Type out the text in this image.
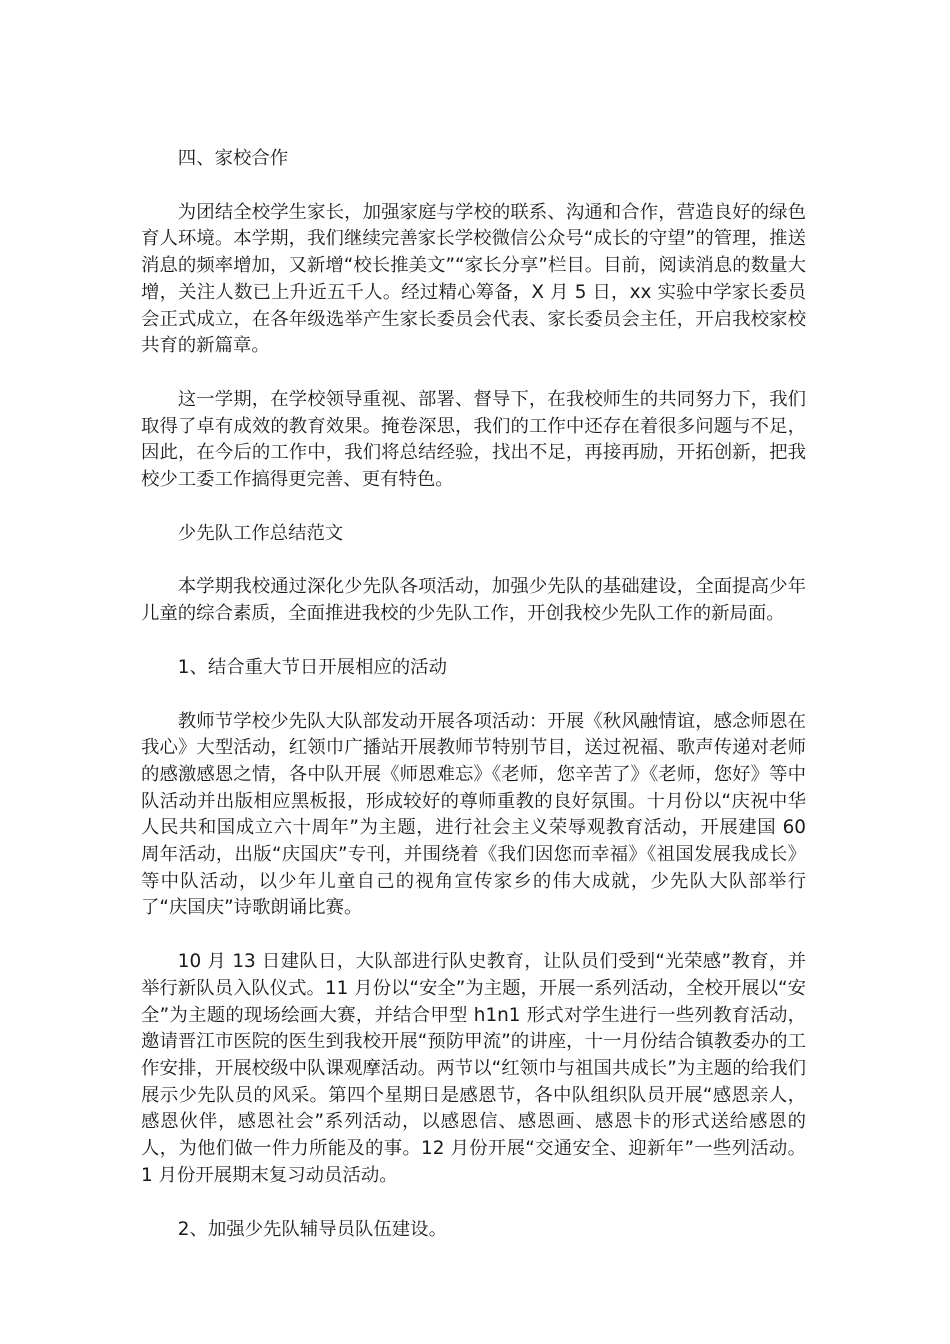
四、家校合作

为团结全校学生家长，加强家庭与学校的联系、沟通和合作，营造良好的绿色育人环境。本学期，我们继续完善家长学校微信公众号“成长的守望”的管理，推送消息的频率增加，又新增“校长推美文”“家长分享”栏目。目前，阅读消息的数量大增，关注人数已上升近五千人。经过精心筹备，X 月 5 日，xx 实验中学家长委员会正式成立，在各年级选举产生家长委员会代表、家长委员会主任，开启我校家校共育的新篇章。

这一学期，在学校领导重视、部署、督导下，在我校师生的共同努力下，我们取得了卓有成效的教育效果。掩卷深思，我们的工作中还存在着很多问题与不足，因此，在今后的工作中，我们将总结经验，找出不足，再接再励，开拓创新，把我校少工委工作搞得更完善、更有特色。

少先队工作总结范文

本学期我校通过深化少先队各项活动，加强少先队的基础建设，全面提高少年儿童的综合素质，全面推进我校的少先队工作，开创我校少先队工作的新局面。

1、结合重大节日开展相应的活动

教师节学校少先队大队部发动开展各项活动：开展《秋风融情谊，感念师恩在我心》大型活动，红领巾广播站开展教师节特别节目，送过祝福、歌声传递对老师的感激感恩之情，各中队开展《师恩难忘》《老师，您辛苦了》《老师，您好》等中队活动并出版相应黑板报，形成较好的尊师重教的良好氛围。十月份以“庆祝中华人民共和国成立六十周年”为主题，进行社会主义荣辱观教育活动，开展建国 60 周年活动，出版“庆国庆”专刊，并围绕着《我们因您而幸福》《祖国发展我成长》等中队活动，以少年儿童自己的视角宣传家乡的伟大成就，少先队大队部举行了“庆国庆”诗歌朗诵比赛。

10 月 13 日建队日，大队部进行队史教育，让队员们受到“光荣感”教育，并举行新队员入队仪式。11 月份以“安全”为主题，开展一系列活动，全校开展以“安全”为主题的现场绘画大赛，并结合甲型 h1n1 形式对学生进行一些列教育活动，邀请晋江市医院的医生到我校开展“预防甲流”的讲座，十一月份结合镇教委办的工作安排，开展校级中队课观摩活动。两节以“红领巾与祖国共成长”为主题的给我们展示少先队员的风采。第四个星期日是感恩节，各中队组织队员开展“感恩亲人，感恩伙伴，感恩社会”系列活动，以感恩信、感恩画、感恩卡的形式送给感恩的人，为他们做一件力所能及的事。12 月份开展“交通安全、迎新年”一些列活动。1 月份开展期末复习动员活动。

2、加强少先队辅导员队伍建设。
